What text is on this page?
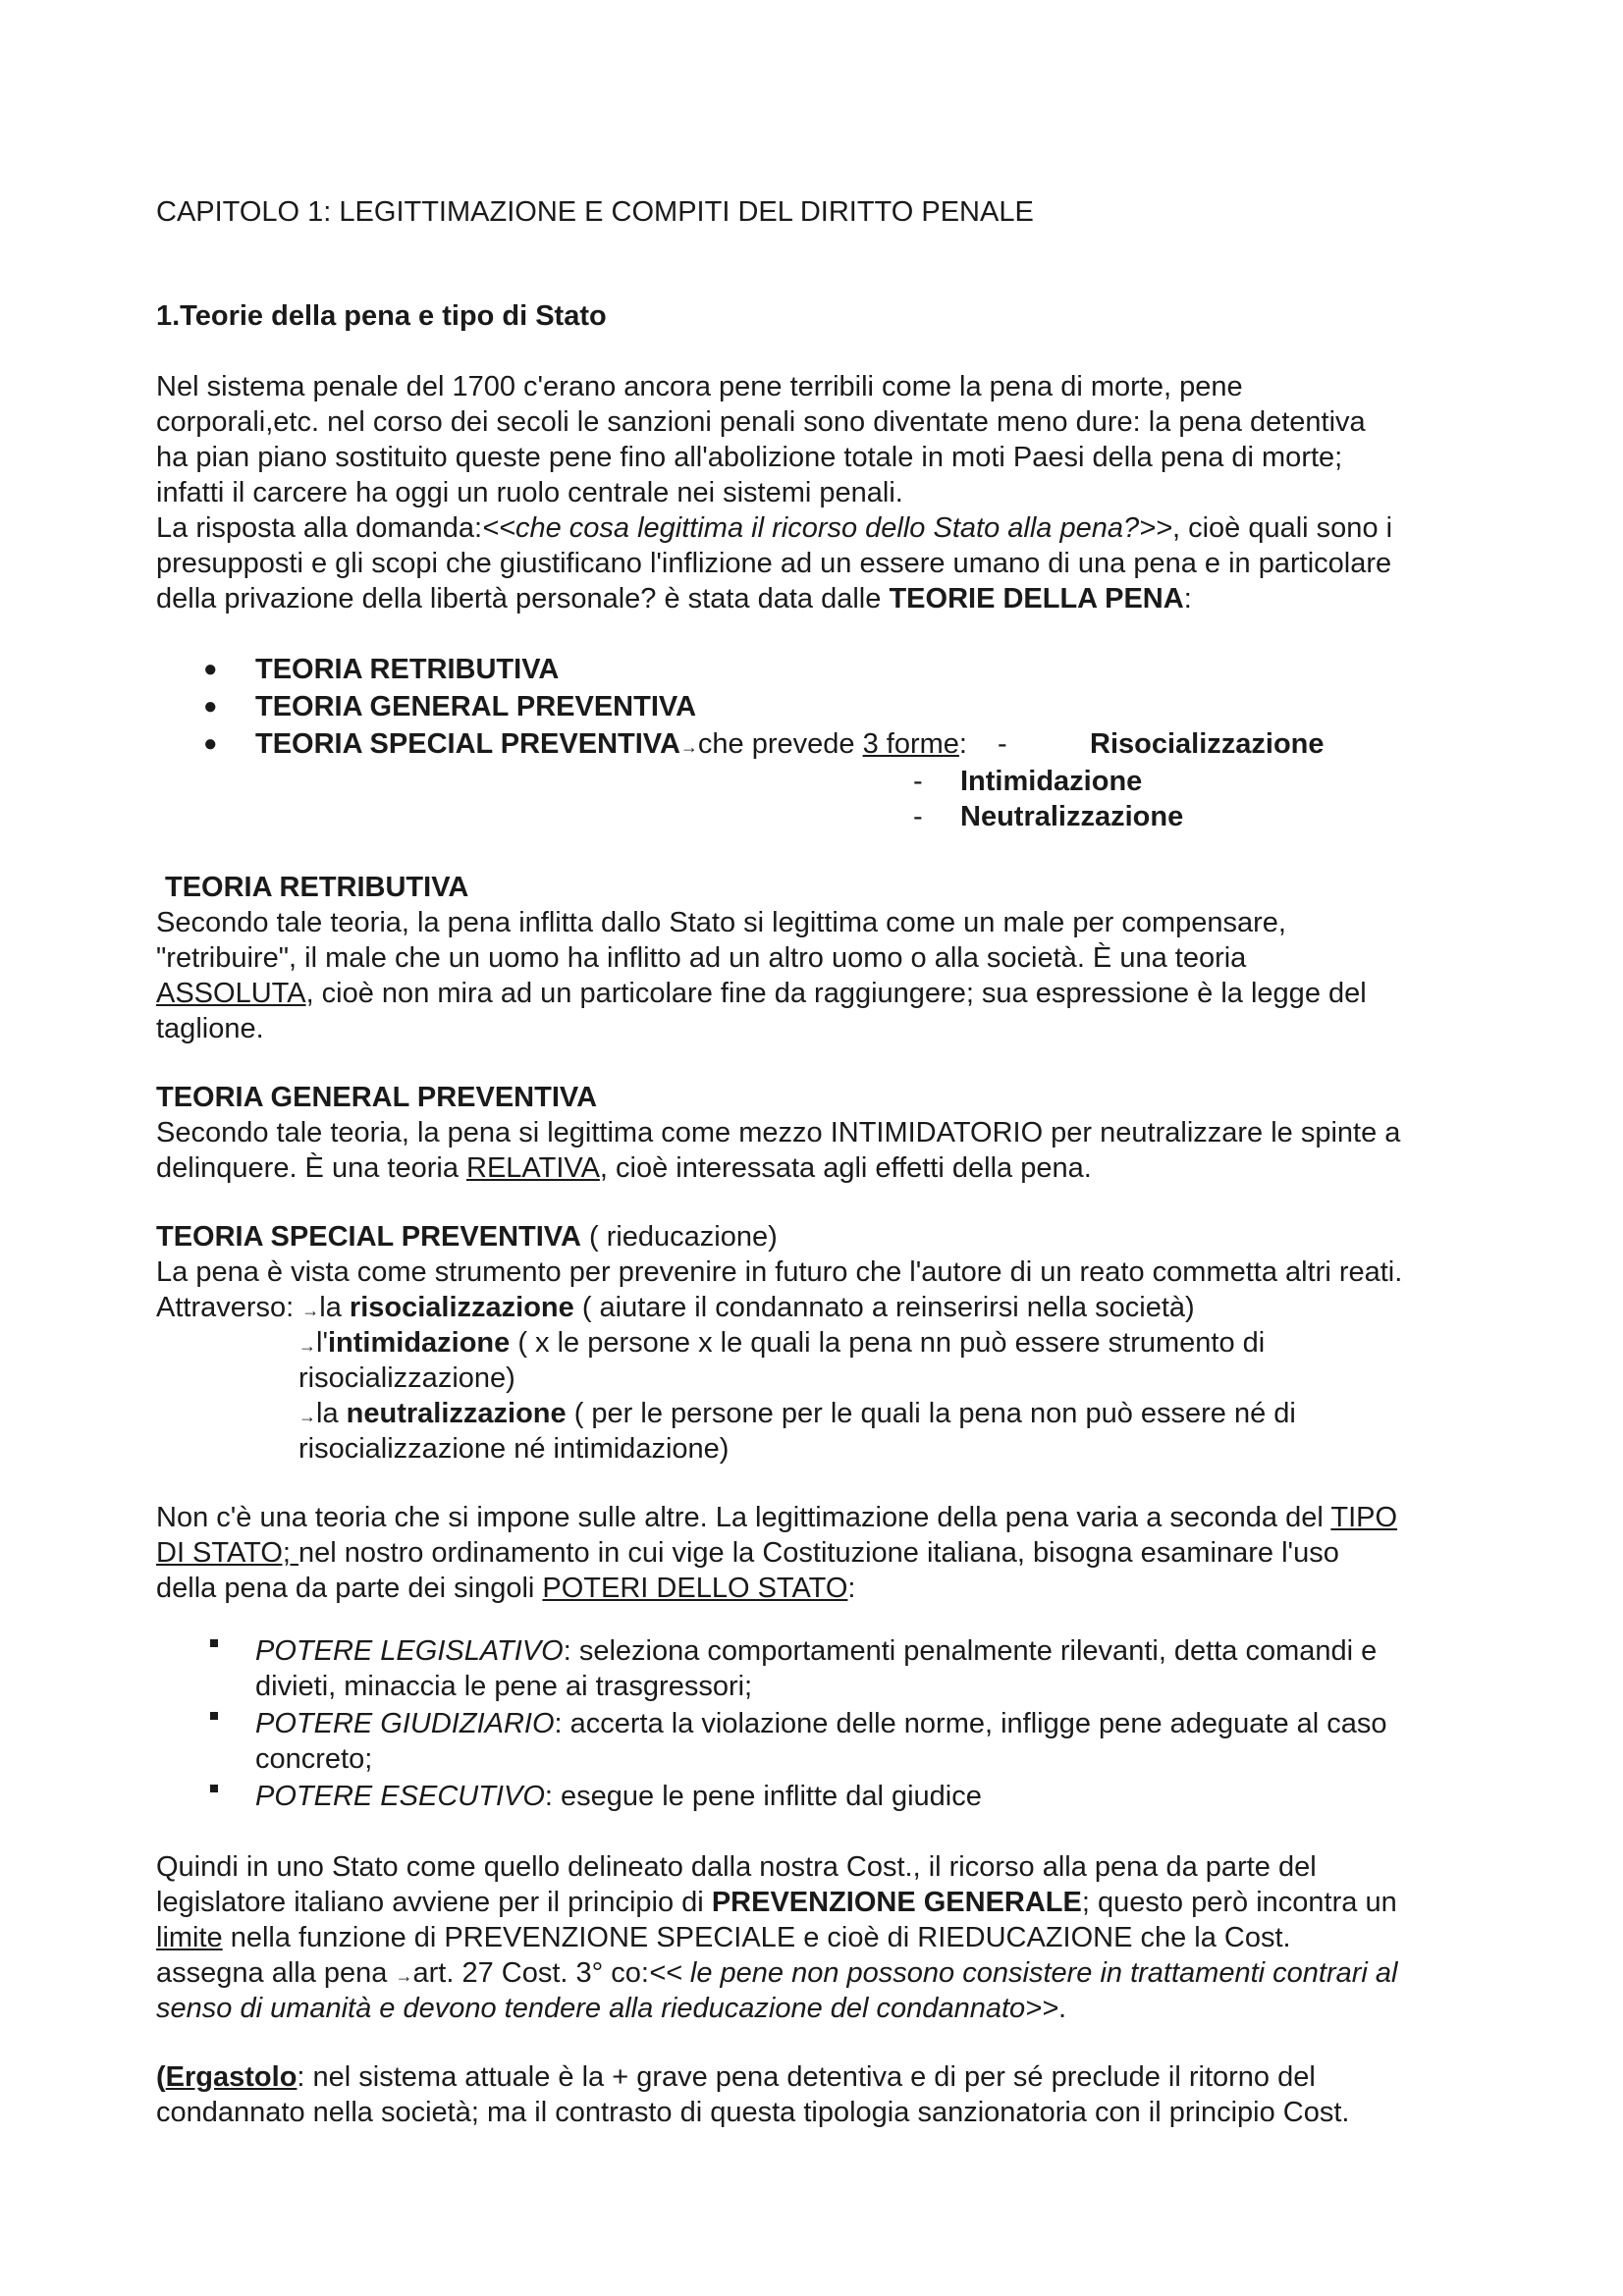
CAPITOLO 1: LEGITTIMAZIONE E COMPITI DEL DIRITTO PENALE
1.Teorie della pena e tipo di Stato
Nel sistema penale del 1700 c'erano ancora pene terribili come la pena di morte, pene
corporali,etc. nel corso dei secoli le sanzioni penali sono diventate meno dure: la pena detentiva
ha pian piano sostituito queste pene fino all'abolizione totale in moti Paesi della pena di morte;
infatti il carcere ha oggi un ruolo centrale nei sistemi penali.
La risposta alla domanda:<<che cosa legittima il ricorso dello Stato alla pena?>>, cioè quali sono i
presupposti e gli scopi che giustificano l'inflizione ad un essere umano di una pena e in particolare
della privazione della libertà personale? è stata data dalle TEORIE DELLA PENA:
● TEORIA RETRIBUTIVA
● TEORIA GENERAL PREVENTIVA
● TEORIA SPECIAL PREVENTIVA→che prevede 3 forme: -	Risocializzazione
-	Intimidazione
-	Neutralizzazione
TEORIA RETRIBUTIVA
Secondo tale teoria, la pena inflitta dallo Stato si legittima come un male per compensare,
"retribuire", il male che un uomo ha inflitto ad un altro uomo o alla società. È una teoria
ASSOLUTA, cioè non mira ad un particolare fine da raggiungere; sua espressione è la legge del
taglione.
TEORIA GENERAL PREVENTIVA
Secondo tale teoria, la pena si legittima come mezzo INTIMIDATORIO per neutralizzare le spinte a
delinquere. È una teoria RELATIVA, cioè interessata agli effetti della pena.
TEORIA SPECIAL PREVENTIVA ( rieducazione)
La pena è vista come strumento per prevenire in futuro che l'autore di un reato commetta altri reati.
Attraverso: →la risocializzazione ( aiutare il condannato a reinserirsi nella società)
→l'intimidazione ( x le persone x le quali la pena nn può essere strumento di
risocializzazione)
→la neutralizzazione ( per le persone per le quali la pena non può essere né di
risocializzazione né intimidazione)
Non c'è una teoria che si impone sulle altre. La legittimazione della pena varia a seconda del TIPO
DI STATO; nel nostro ordinamento in cui vige la Costituzione italiana, bisogna esaminare l'uso
della pena da parte dei singoli POTERI DELLO STATO:
POTERE LEGISLATIVO: seleziona comportamenti penalmente rilevanti, detta comandi e
divieti, minaccia le pene ai trasgressori;
POTERE GIUDIZIARIO: accerta la violazione delle norme, infligge pene adeguate al caso
concreto;
POTERE ESECUTIVO: esegue le pene inflitte dal giudice
Quindi in uno Stato come quello delineato dalla nostra Cost., il ricorso alla pena da parte del
legislatore italiano avviene per il principio di PREVENZIONE GENERALE; questo però incontra un
limite nella funzione di PREVENZIONE SPECIALE e cioè di RIEDUCAZIONE che la Cost.
assegna alla pena →art. 27 Cost. 3° co:<< le pene non possono consistere in trattamenti contrari al
senso di umanità e devono tendere alla rieducazione del condannato>>.
(Ergastolo: nel sistema attuale è la + grave pena detentiva e di per sé preclude il ritorno del
condannato nella società; ma il contrasto di questa tipologia sanzionatoria con il principio Cost.
